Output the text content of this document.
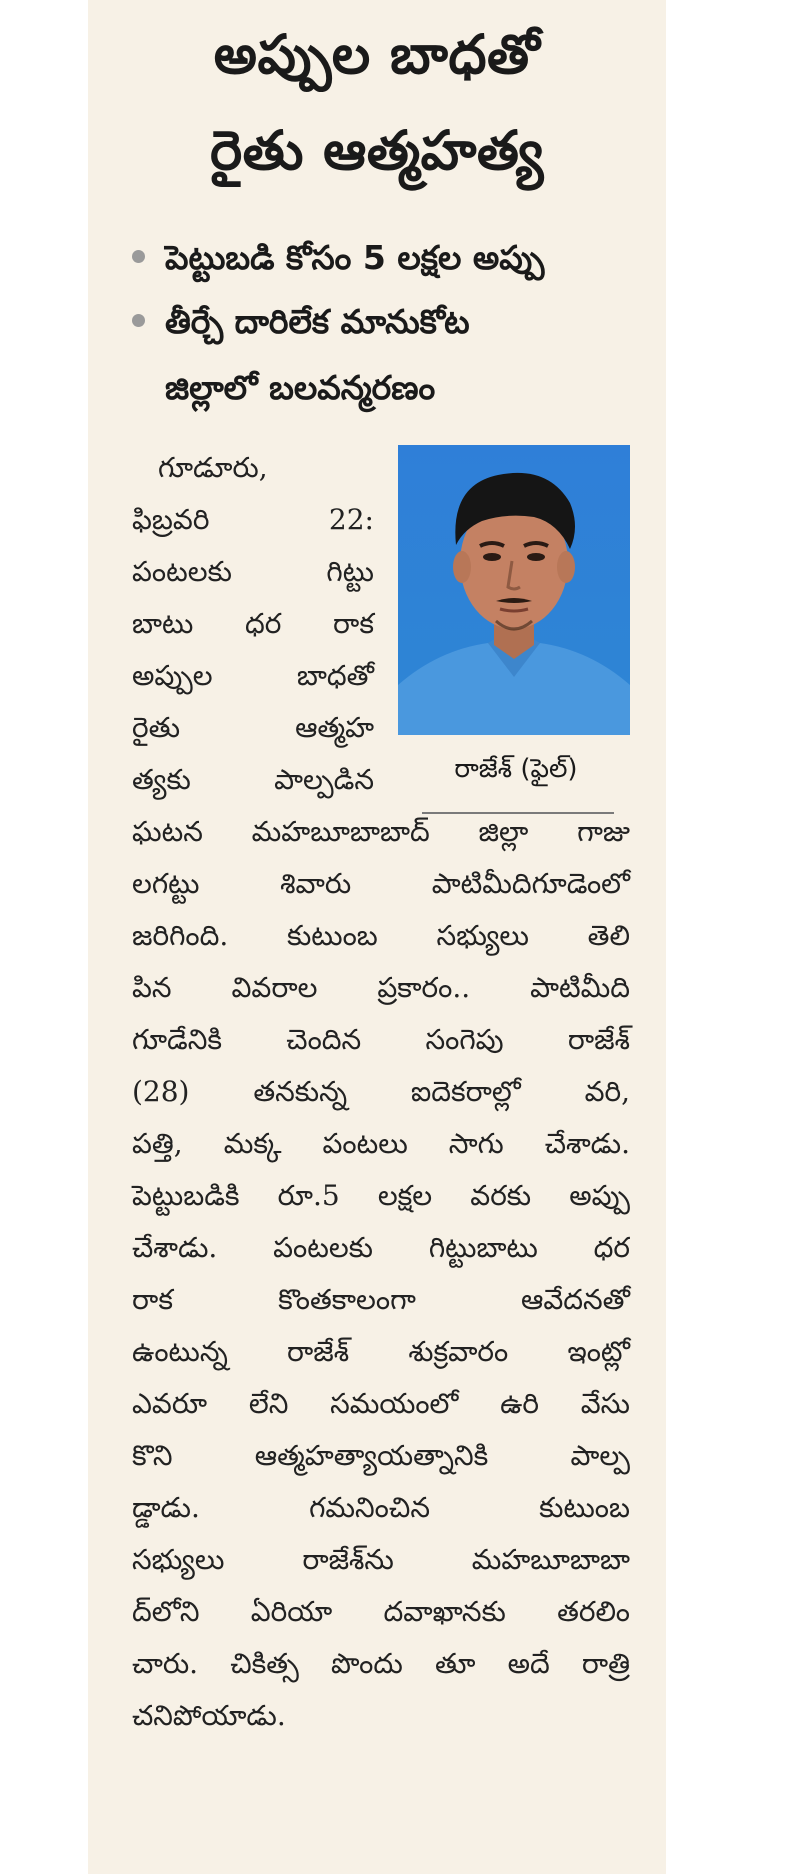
అప్పుల బాధతో
రైతు ఆత్మహత్య
పెట్టుబడి కోసం 5 లక్షల అప్పు
తీర్చే దారిలేక మానుకోట
జిల్లాలో బలవన్మరణం
రాజేశ్ (ఫైల్)
గూడూరు,
ఫిబ్రవరి 22:
పంటలకు గిట్టు
బాటు ధర రాక
అప్పుల బాధతో
రైతు ఆత్మహ
త్యకు పాల్పడిన
ఘటన మహబూబాబాద్ జిల్లా గాజు
లగట్టు శివారు పాటిమీదిగూడెంలో
జరిగింది. కుటుంబ సభ్యులు తెలి
పిన వివరాల ప్రకారం.. పాటిమీది
గూడేనికి చెందిన సంగెపు రాజేశ్
(28) తనకున్న ఐదెకరాల్లో వరి,
పత్తి, మక్క పంటలు సాగు చేశాడు.
పెట్టుబడికి రూ.5 లక్షల వరకు అప్పు
చేశాడు. పంటలకు గిట్టుబాటు ధర
రాక కొంతకాలంగా ఆవేదనతో
ఉంటున్న రాజేశ్ శుక్రవారం ఇంట్లో
ఎవరూ లేని సమయంలో ఉరి వేసు
కొని ఆత్మహత్యాయత్నానికి పాల్ప
డ్డాడు. గమనించిన కుటుంబ
సభ్యులు రాజేశ్‌ను మహబూబాబా
ద్‌లోని ఏరియా దవాఖానకు తరలిం
చారు. చికిత్స పొందు తూ అదే రాత్రి
చనిపోయాడు.
